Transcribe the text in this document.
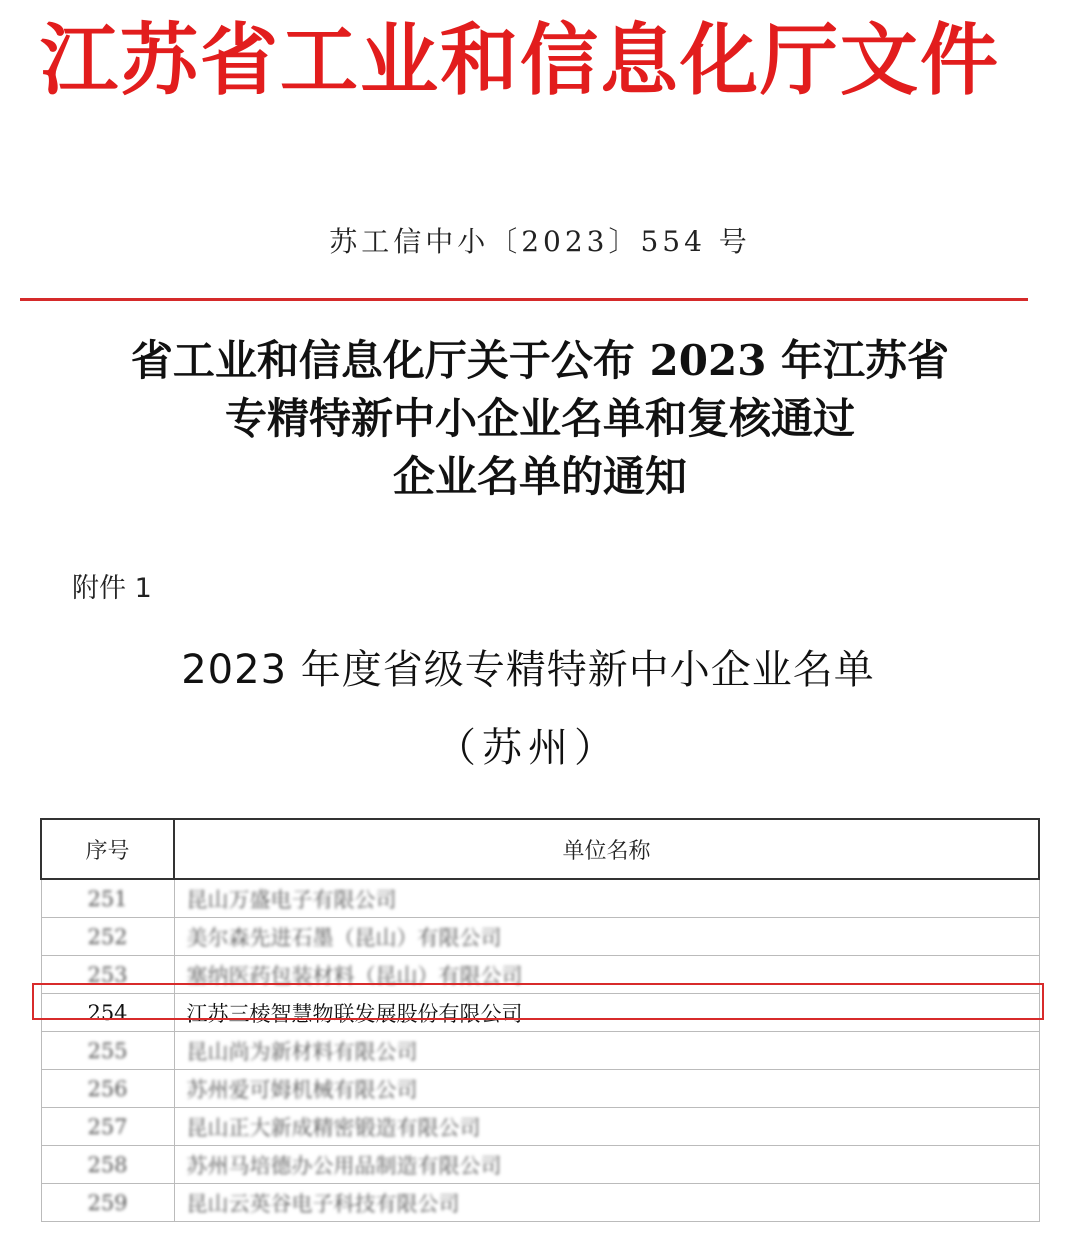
江苏省工业和信息化厅文件
苏工信中小〔2023〕554 号
省工业和信息化厅关于公布 2023 年江苏省
专精特新中小企业名单和复核通过
企业名单的通知
附件 1
2023 年度省级专精特新中小企业名单
（苏州）
序号	单位名称
251	昆山万盛电子有限公司
252	美尔森先进石墨（昆山）有限公司
253	塞纳医药包装材料（昆山）有限公司
254	江苏三棱智慧物联发展股份有限公司
255	昆山尚为新材料有限公司
256	苏州爱可姆机械有限公司
257	昆山正大新成精密锻造有限公司
258	苏州马培德办公用品制造有限公司
259	昆山云英谷电子科技有限公司
